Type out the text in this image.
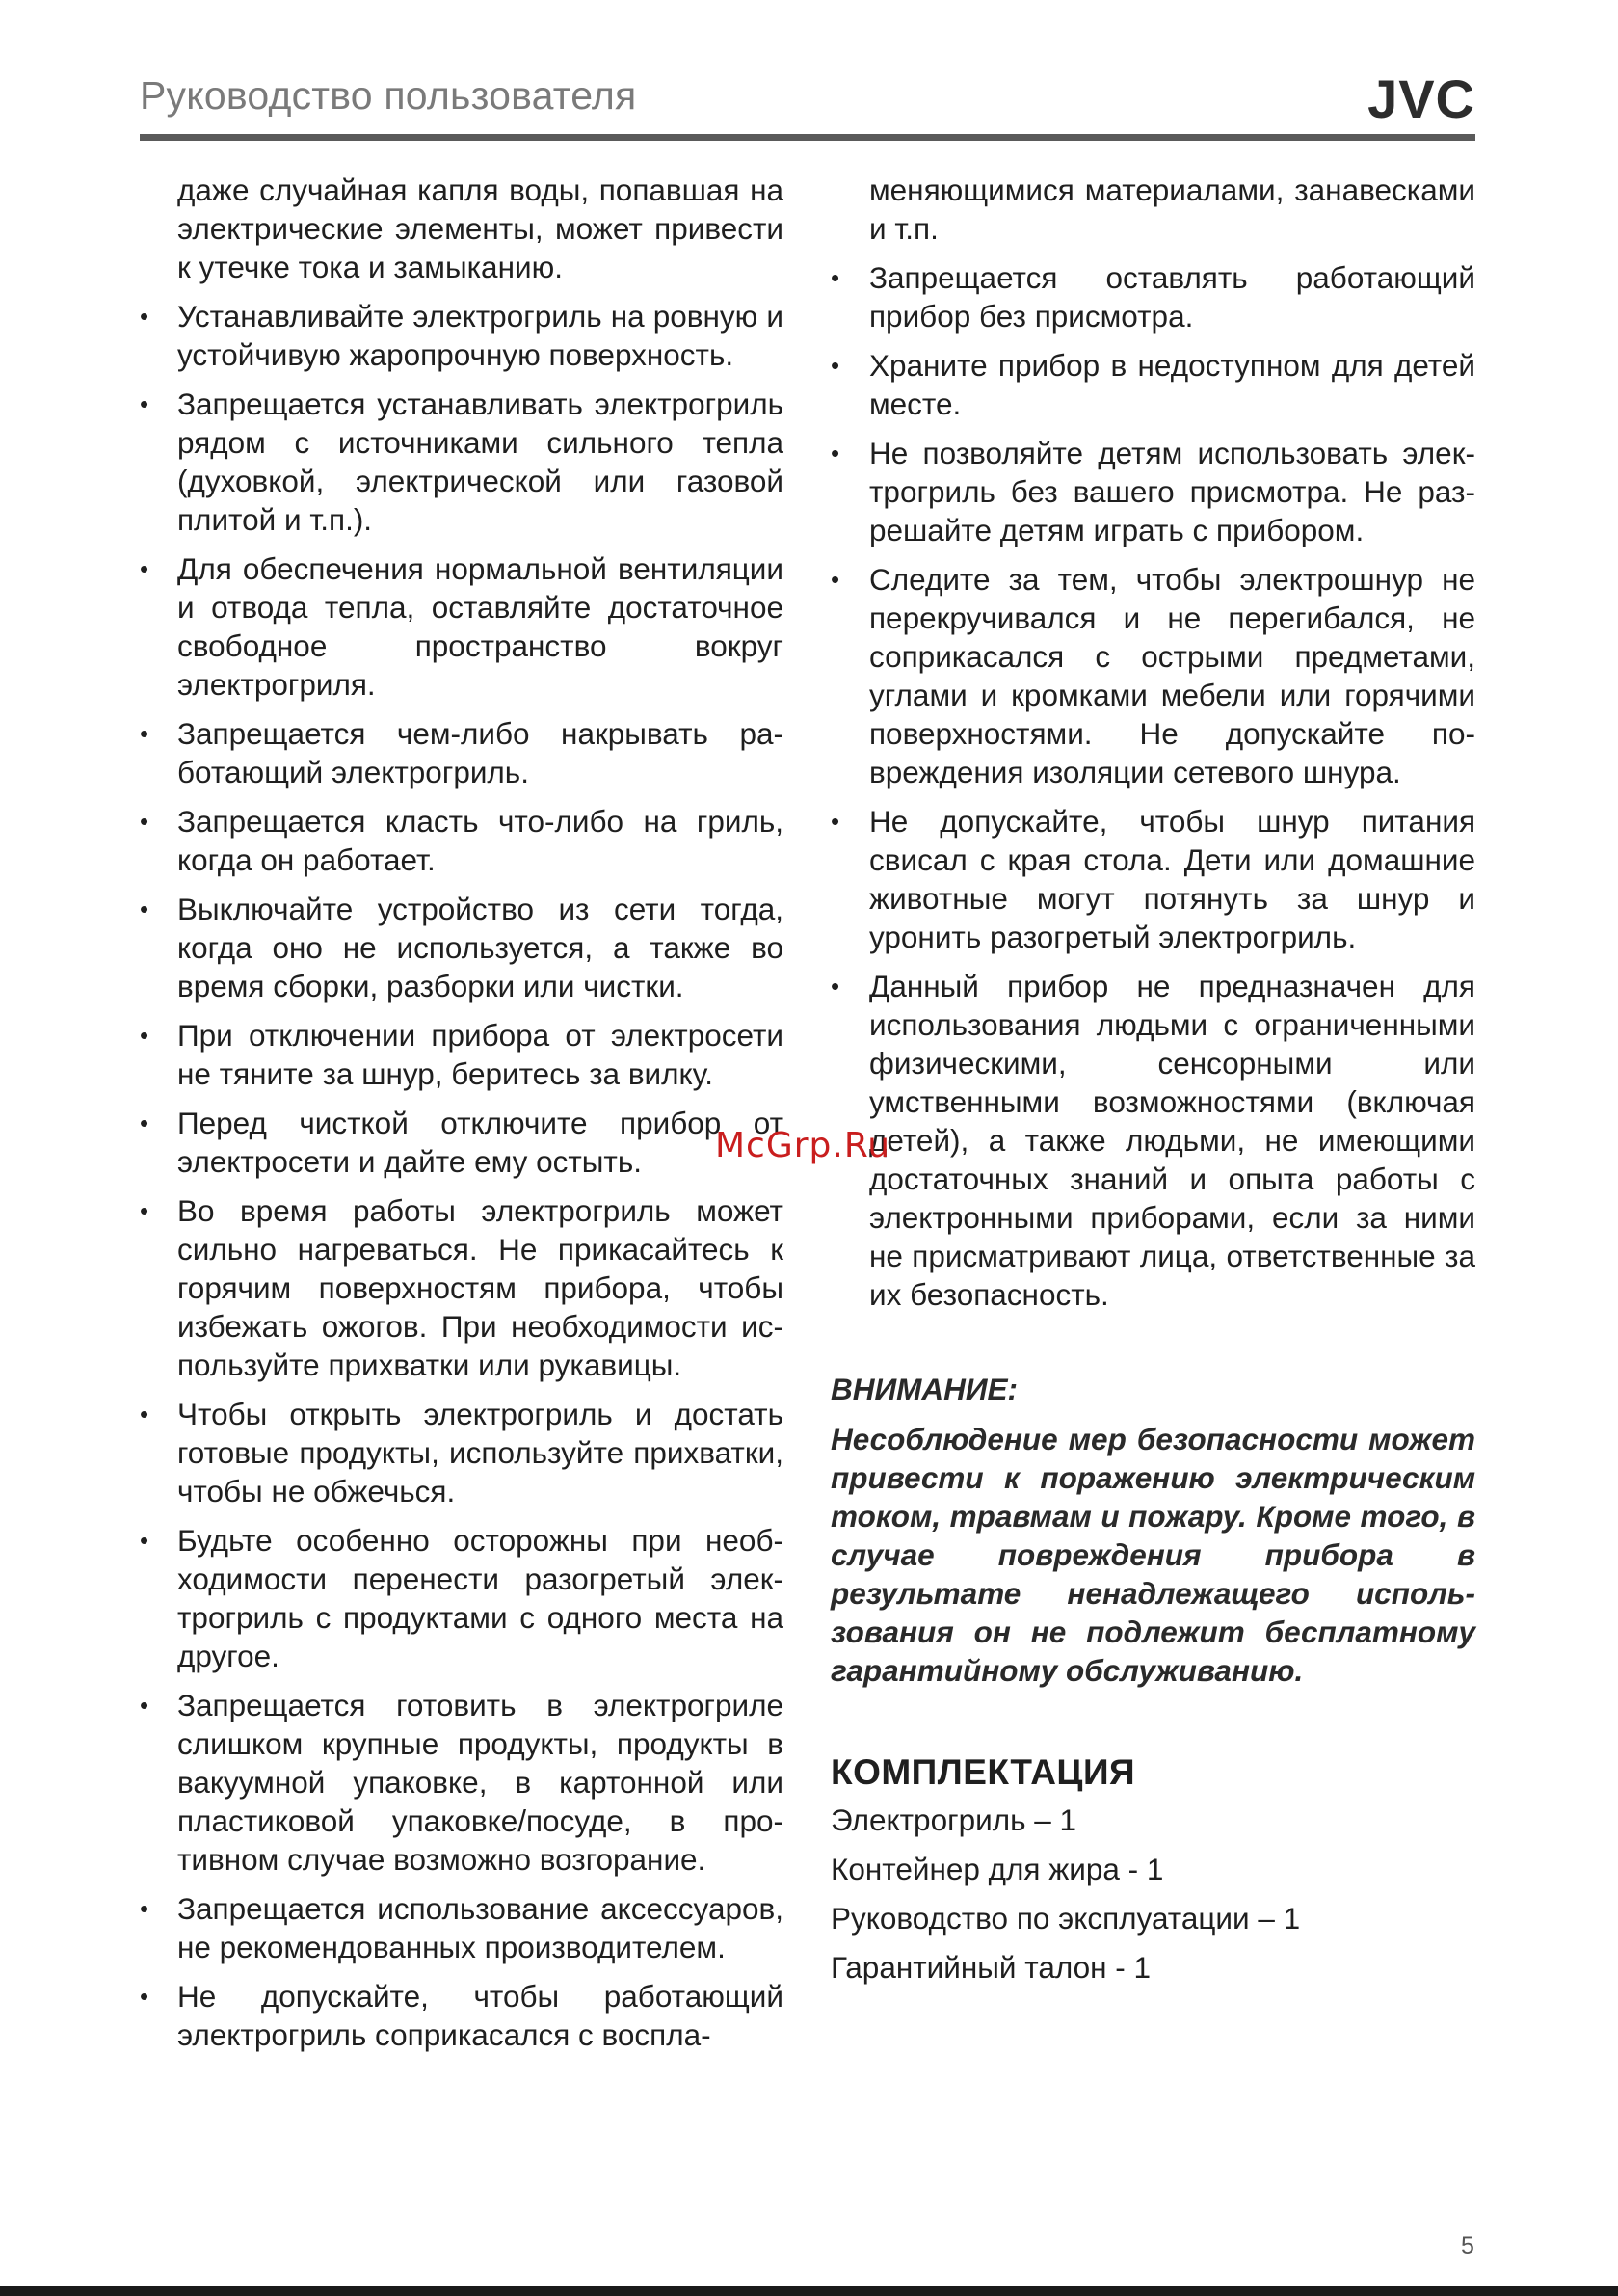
Руководство пользователя	JVC
даже случайная капля воды, попавшая на электрические элементы, может привести к утечке тока и замыканию.
• Устанавливайте электрогриль на ровную и устойчивую жаропрочную поверхность.
• Запрещается устанавливать электрогриль рядом с источниками сильного тепла (духовкой, электрической или газовой плитой и т.п.).
• Для обеспечения нормальной вентиляции и отвода тепла, оставляйте достаточное свободное пространство вокруг электрогриля.
• Запрещается чем-либо накрывать работающий электрогриль.
• Запрещается класть что-либо на гриль, когда он работает.
• Выключайте устройство из сети тогда, когда оно не используется, а также во время сборки, разборки или чистки.
• При отключении прибора от электросети не тяните за шнур, беритесь за вилку.
• Перед чисткой отключите прибор от электросети и дайте ему остыть.
• Во время работы электрогриль может сильно нагреваться. Не прикасайтесь к горячим поверхностям прибора, чтобы избежать ожогов. При необходимости используйте прихватки или рукавицы.
• Чтобы открыть электрогриль и достать готовые продукты, используйте прихватки, чтобы не обжечься.
• Будьте особенно осторожны при необходимости перенести разогретый электрогриль с продуктами с одного места на другое.
• Запрещается готовить в электрогриле слишком крупные продукты, продукты в вакуумной упаковке, в картонной или пластиковой упаковке/посуде, в противном случае возможно возгорание.
• Запрещается использование аксессуаров, не рекомендованных производителем.
• Не допускайте, чтобы работающий электрогриль соприкасался с воспла-
меняющимися материалами, занавесками и т.п.
• Запрещается оставлять работающий прибор без присмотра.
• Храните прибор в недоступном для детей месте.
• Не позволяйте детям использовать электрогриль без вашего присмотра. Не разрешайте детям играть с прибором.
• Следите за тем, чтобы электрошнур не перекручивался и не перегибался, не соприкасался с острыми предметами, углами и кромками мебели или горячими поверхностями. Не допускайте повреждения изоляции сетевого шнура.
• Не допускайте, чтобы шнур питания свисал с края стола. Дети или домашние животные могут потянуть за шнур и уронить разогретый электрогриль.
• Данный прибор не предназначен для использования людьми с ограниченными физическими, сенсорными или умственными возможностями (включая детей), а также людьми, не имеющими достаточных знаний и опыта работы с электронными приборами, если за ними не присматривают лица, ответственные за их безопасность.
ВНИМАНИЕ:
Несоблюдение мер безопасности может привести к поражению электрическим током, травмам и пожару. Кроме того, в случае повреждения прибора в результате ненадлежащего использования он не подлежит бесплатному гарантийному обслуживанию.
КОМПЛЕКТАЦИЯ
Электрогриль – 1
Контейнер для жира - 1
Руководство по эксплуатации – 1
Гарантийный талон - 1
McGrp.Ru
5
